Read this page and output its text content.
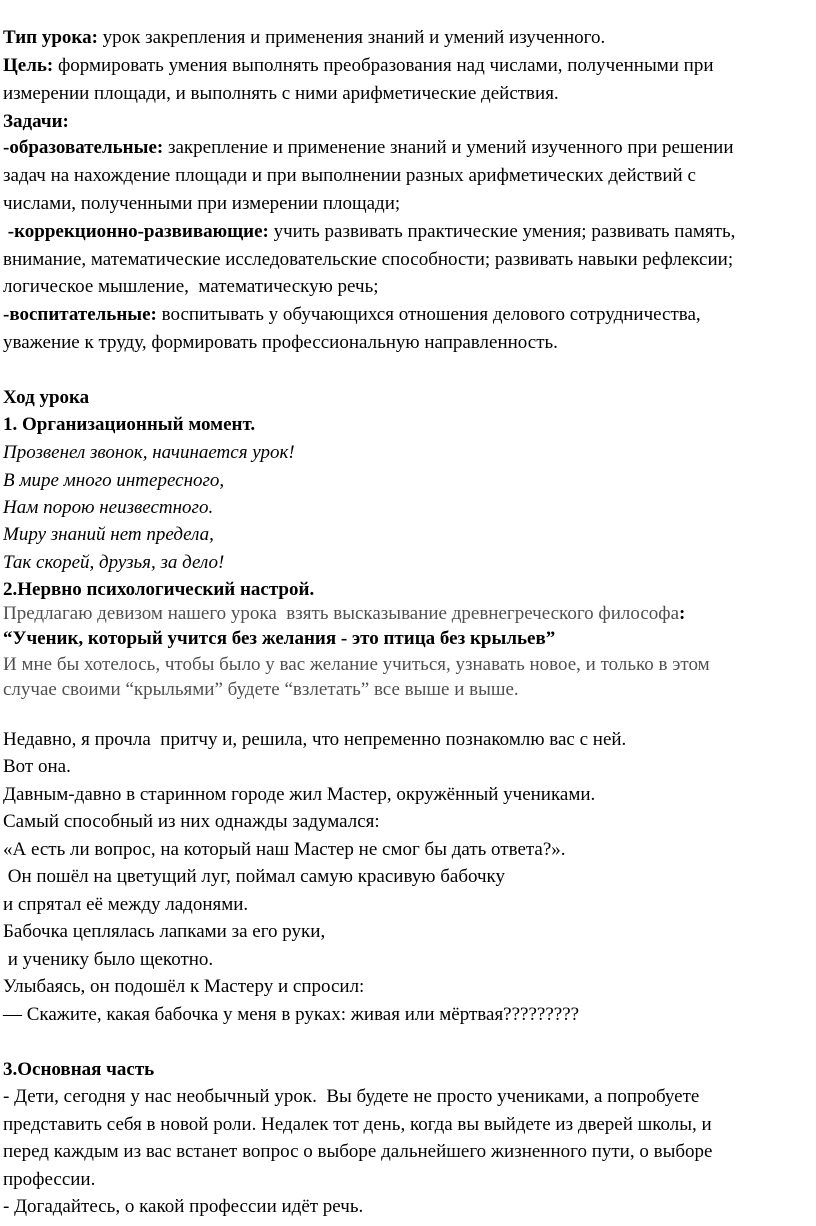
Тип урока: урок закрепления и применения знаний и умений изученного.
Цель: формировать умения выполнять преобразования над числами, полученными при
измерении площади, и выполнять с ними арифметические действия.
Задачи:
-образовательные: закрепление и применение знаний и умений изученного при решении
задач на нахождение площади и при выполнении разных арифметических действий с
числами, полученными при измерении площади;
-коррекционно-развивающие: учить развивать практические умения; развивать память,
внимание, математические исследовательские способности; развивать навыки рефлексии;
логическое мышление,  математическую речь;
-воспитательные: воспитывать у обучающихся отношения делового сотрудничества,
уважение к труду, формировать профессиональную направленность.
Ход урока
1. Организационный момент.
Прозвенел звонок, начинается урок!
В мире много интересного,
Нам порою неизвестного.
Миру знаний нет предела,
Так скорей, друзья, за дело!
2.Нервно психологический настрой.
Предлагаю девизом нашего урока  взять высказывание древнегреческого философа:
“Ученик, который учится без желания - это птица без крыльев”
И мне бы хотелось, чтобы было у вас желание учиться, узнавать новое, и только в этом
случае своими “крыльями” будете “взлетать” все выше и выше.
Недавно, я прочла  притчу и, решила, что непременно познакомлю вас с ней.
Вот она.
Давным-давно в старинном городе жил Мастер, окружённый учениками.
Самый способный из них однажды задумался:
«А есть ли вопрос, на который наш Мастер не смог бы дать ответа?».
Он пошёл на цветущий луг, поймал самую красивую бабочку
и спрятал её между ладонями.
Бабочка цеплялась лапками за его руки,
и ученику было щекотно.
Улыбаясь, он подошёл к Мастеру и спросил:
— Скажите, какая бабочка у меня в руках: живая или мёртвая?????????
3.Основная часть
- Дети, сегодня у нас необычный урок.  Вы будете не просто учениками, а попробуете
представить себя в новой роли. Недалек тот день, когда вы выйдете из дверей школы, и
перед каждым из вас встанет вопрос о выборе дальнейшего жизненного пути, о выборе
профессии.
- Догадайтесь, о какой профессии идёт речь.
